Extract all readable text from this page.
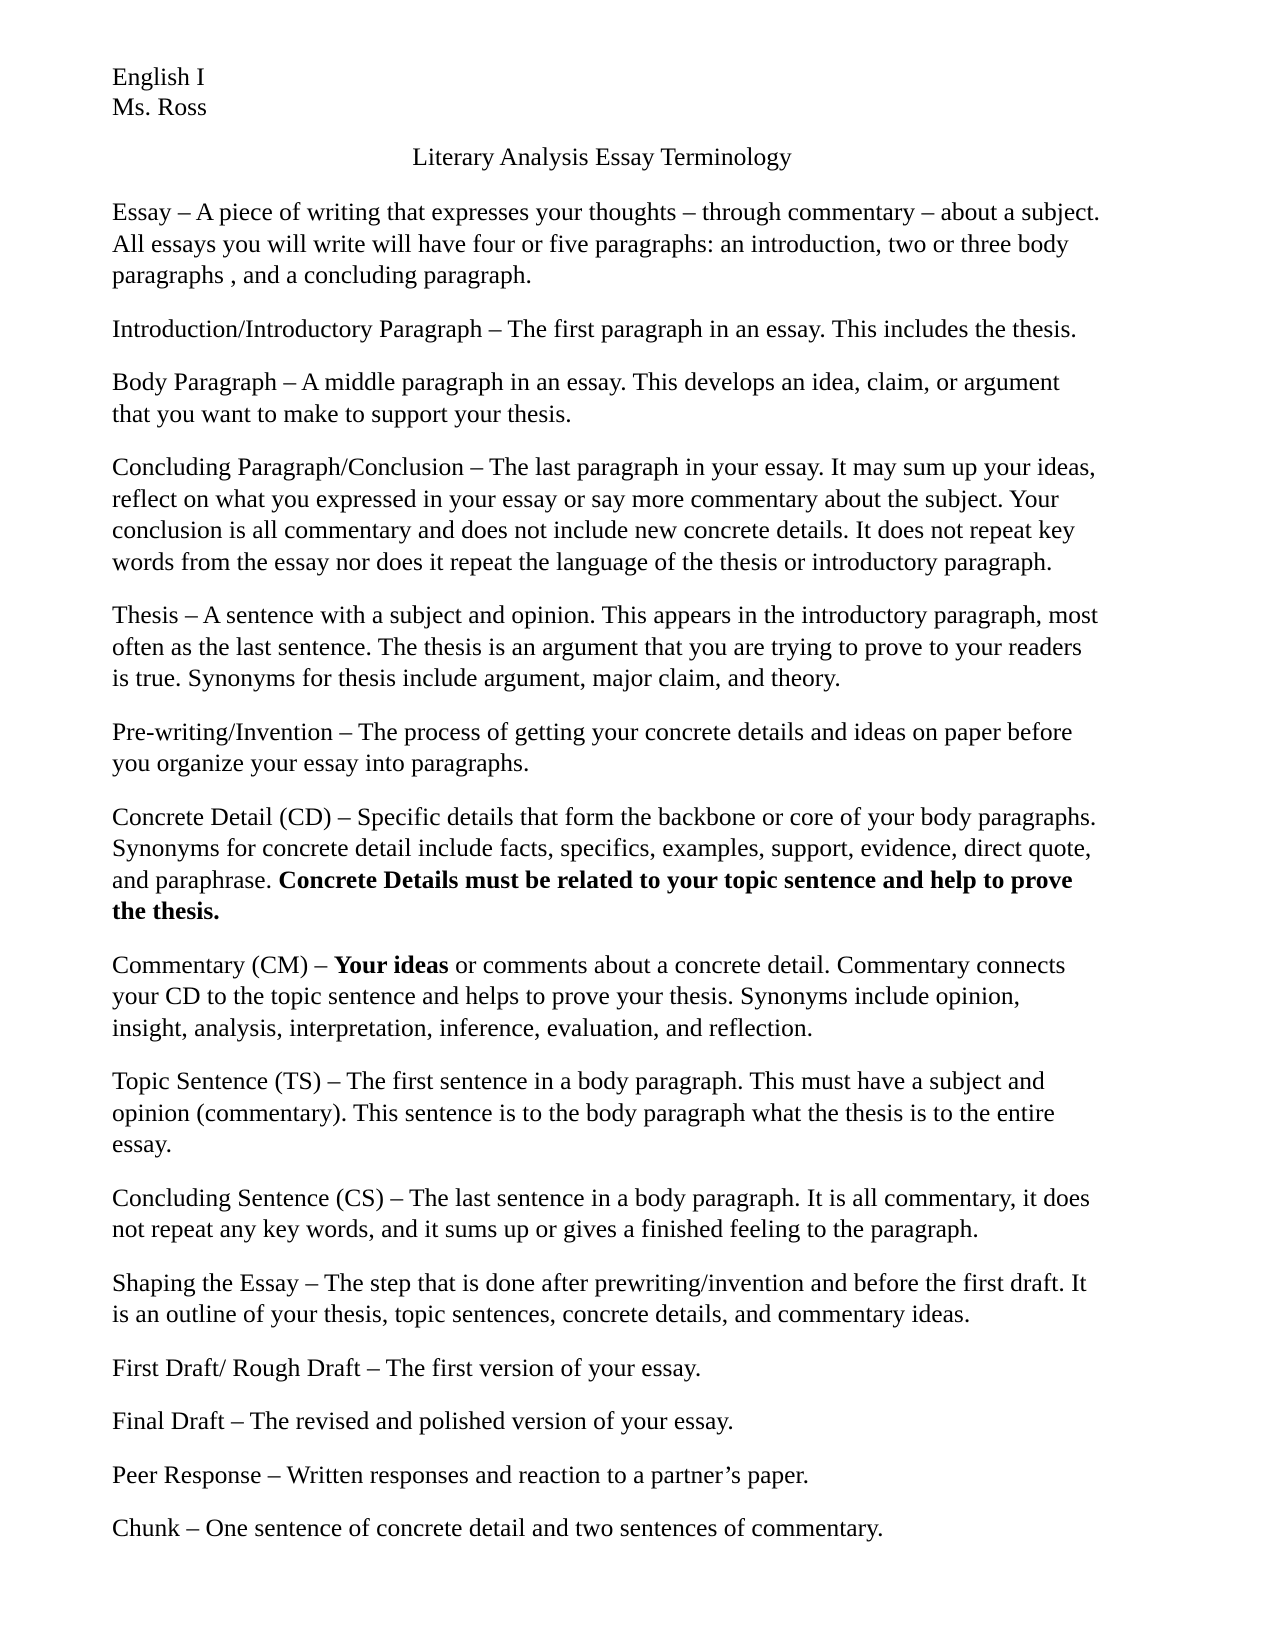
English I
Ms. Ross
Literary Analysis Essay Terminology

Essay – A piece of writing that expresses your thoughts – through commentary – about a subject. All essays you will write will have four or five paragraphs: an introduction, two or three body paragraphs , and a concluding paragraph.

Introduction/Introductory Paragraph – The first paragraph in an essay. This includes the thesis.

Body Paragraph – A middle paragraph in an essay. This develops an idea, claim, or argument that you want to make to support your thesis.

Concluding Paragraph/Conclusion – The last paragraph in your essay. It may sum up your ideas, reflect on what you expressed in your essay or say more commentary about the subject. Your conclusion is all commentary and does not include new concrete details. It does not repeat key words from the essay nor does it repeat the language of the thesis or introductory paragraph.

Thesis – A sentence with a subject and opinion. This appears in the introductory paragraph, most often as the last sentence. The thesis is an argument that you are trying to prove to your readers is true. Synonyms for thesis include argument, major claim, and theory.

Pre-writing/Invention – The process of getting your concrete details and ideas on paper before you organize your essay into paragraphs.

Concrete Detail (CD) – Specific details that form the backbone or core of your body paragraphs. Synonyms for concrete detail include facts, specifics, examples, support, evidence, direct quote, and paraphrase. Concrete Details must be related to your topic sentence and help to prove the thesis.

Commentary (CM) – Your ideas or comments about a concrete detail. Commentary connects your CD to the topic sentence and helps to prove your thesis. Synonyms include opinion, insight, analysis, interpretation, inference, evaluation, and reflection.

Topic Sentence (TS) – The first sentence in a body paragraph. This must have a subject and opinion (commentary). This sentence is to the body paragraph what the thesis is to the entire essay.

Concluding Sentence (CS) – The last sentence in a body paragraph. It is all commentary, it does not repeat any key words, and it sums up or gives a finished feeling to the paragraph.

Shaping the Essay – The step that is done after prewriting/invention and before the first draft. It is an outline of your thesis, topic sentences, concrete details, and commentary ideas.

First Draft/ Rough Draft – The first version of your essay.

Final Draft – The revised and polished version of your essay.

Peer Response – Written responses and reaction to a partner’s paper.

Chunk – One sentence of concrete detail and two sentences of commentary.
